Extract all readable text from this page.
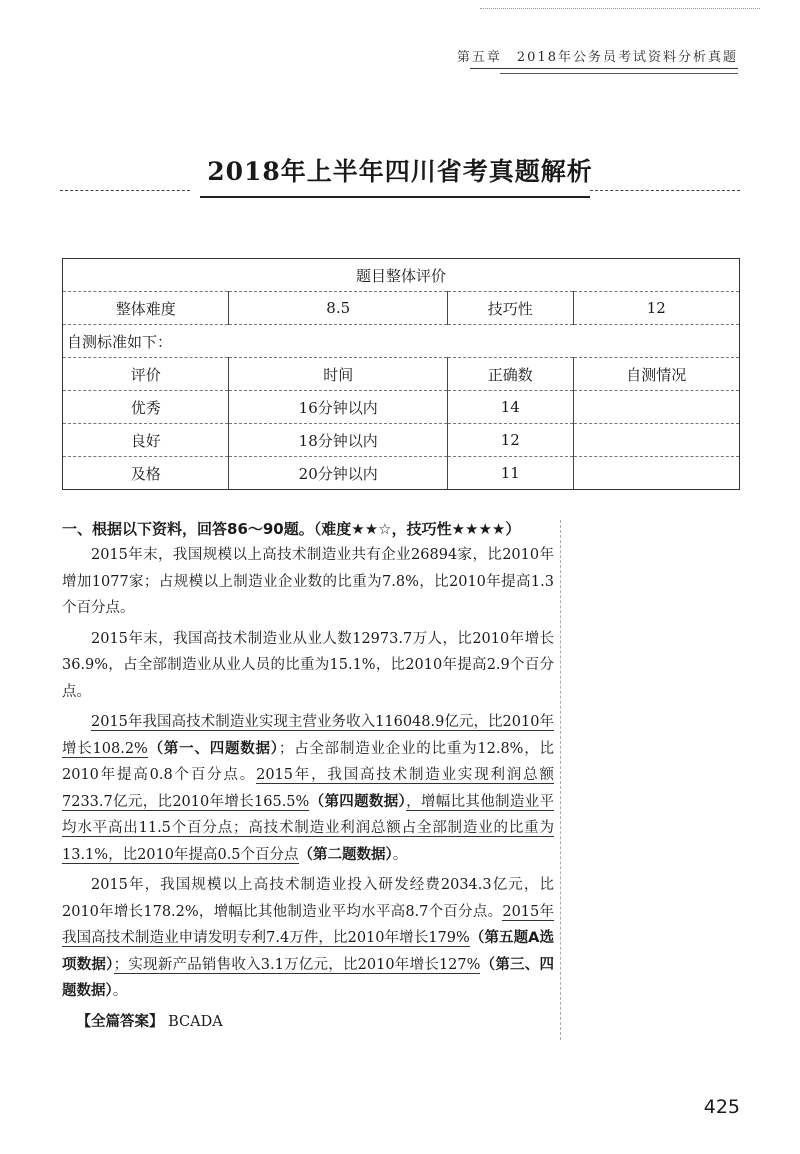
第五章　2018年公务员考试资料分析真题
2018年上半年四川省考真题解析
题目整体评价			
整体难度	8.5	技巧性	12
自测标准如下：			
评价	时间	正确数	自测情况
优秀	16分钟以内	14	
良好	18分钟以内	12	
及格	20分钟以内	11	
一、根据以下资料，回答86～90题。（难度★★☆，技巧性★★★★）

2015年末，我国规模以上高技术制造业共有企业26894家，比2010年增加1077家；占规模以上制造业企业数的比重为7.8%，比2010年提高1.3个百分点。

2015年末，我国高技术制造业从业人数12973.7万人，比2010年增长36.9%，占全部制造业从业人员的比重为15.1%，比2010年提高2.9个百分点。

2015年我国高技术制造业实现主营业务收入116048.9亿元，比2010年增长108.2%（第一、四题数据）；占全部制造业企业的比重为12.8%，比2010年提高0.8个百分点。2015年，我国高技术制造业实现利润总额7233.7亿元，比2010年增长165.5%（第四题数据），增幅比其他制造业平均水平高出11.5个百分点；高技术制造业利润总额占全部制造业的比重为13.1%，比2010年提高0.5个百分点（第二题数据）。

2015年，我国规模以上高技术制造业投入研发经费2034.3亿元，比2010年增长178.2%，增幅比其他制造业平均水平高8.7个百分点。2015年我国高技术制造业申请发明专利7.4万件，比2010年增长179%（第五题A选项数据）；实现新产品销售收入3.1万亿元，比2010年增长127%（第三、四题数据）。

【全篇答案】 BCADA
425
